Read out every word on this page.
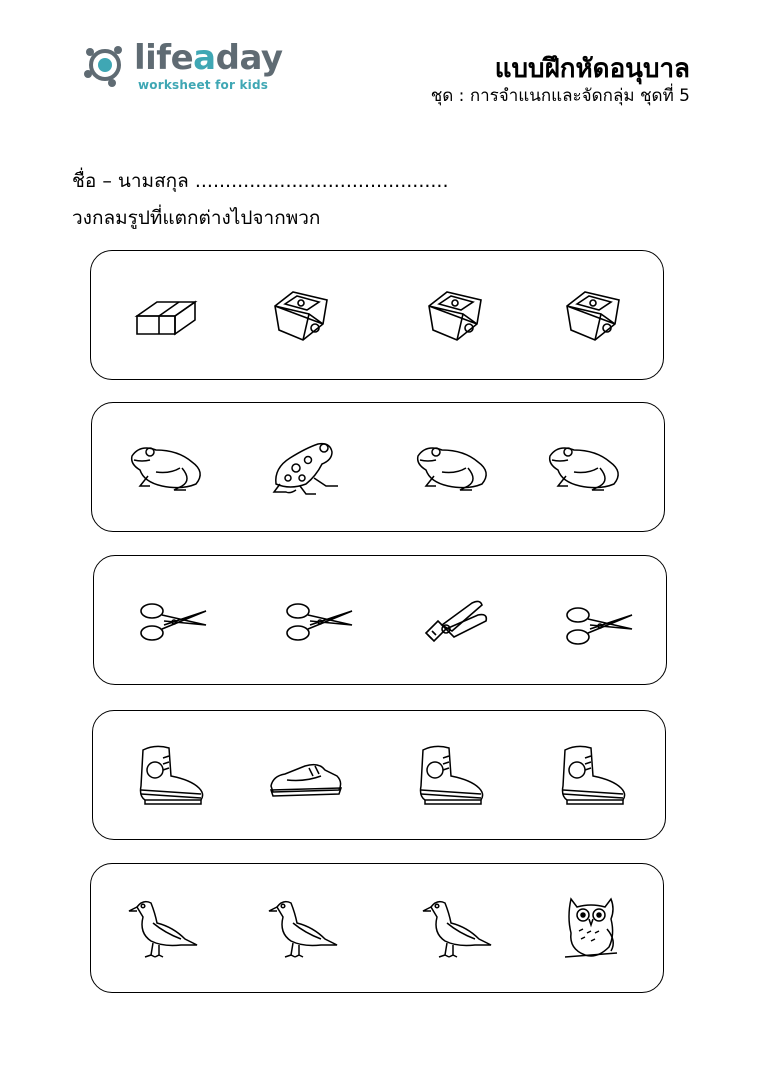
lifeaday
worksheet for kids
แบบฝึกหัดอนุบาล
ชุด : การจำแนกและจัดกลุ่ม ชุดที่ 5
ชื่อ – นามสกุล ..........................................
วงกลมรูปที่แตกต่างไปจากพวก
